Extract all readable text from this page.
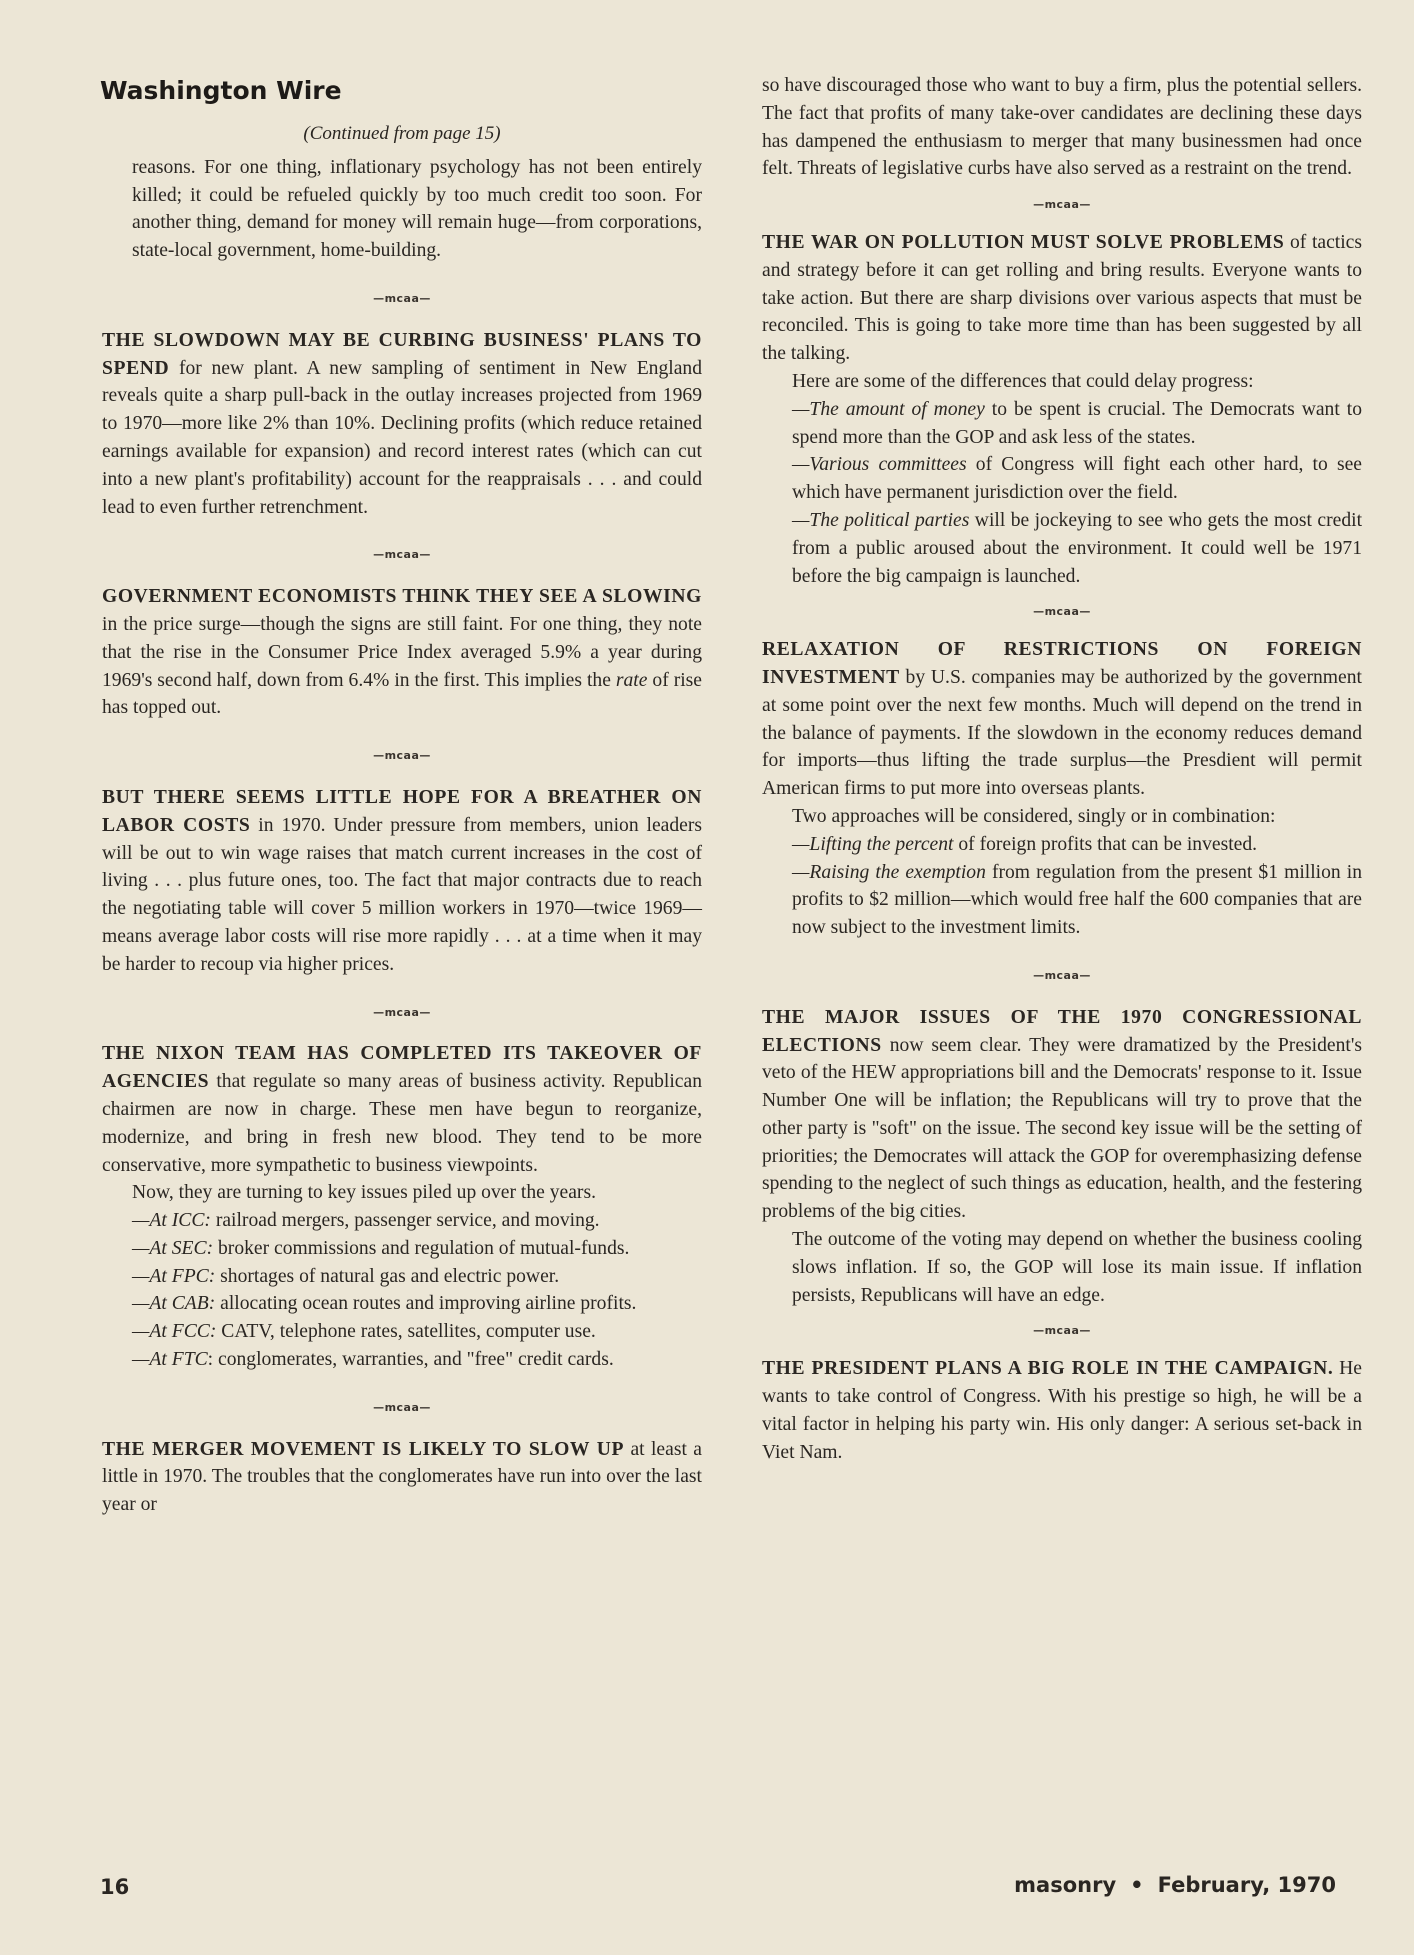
Washington Wire

(Continued from page 15)

reasons. For one thing, inflationary psychology has not been entirely killed; it could be refueled quickly by too much credit too soon. For another thing, demand for money will remain huge—from corporations, state-local government, home-building.

—mcaa—

THE SLOWDOWN MAY BE CURBING BUSINESS' PLANS TO SPEND for new plant. A new sampling of sentiment in New England reveals quite a sharp pull-back in the outlay increases projected from 1969 to 1970—more like 2% than 10%. Declining profits (which reduce retained earnings available for expansion) and record interest rates (which can cut into a new plant's profitability) account for the reappraisals . . . and could lead to even further retrenchment.

—mcaa—

GOVERNMENT ECONOMISTS THINK THEY SEE A SLOWING in the price surge—though the signs are still faint. For one thing, they note that the rise in the Consumer Price Index averaged 5.9% a year during 1969's second half, down from 6.4% in the first. This implies the rate of rise has topped out.

—mcaa—

BUT THERE SEEMS LITTLE HOPE FOR A BREATHER ON LABOR COSTS in 1970. Under pressure from members, union leaders will be out to win wage raises that match current increases in the cost of living . . . plus future ones, too. The fact that major contracts due to reach the negotiating table will cover 5 million workers in 1970—twice 1969—means average labor costs will rise more rapidly . . . at a time when it may be harder to recoup via higher prices.

—mcaa—

THE NIXON TEAM HAS COMPLETED ITS TAKEOVER OF AGENCIES that regulate so many areas of business activity. Republican chairmen are now in charge. These men have begun to reorganize, modernize, and bring in fresh new blood. They tend to be more conservative, more sympathetic to business viewpoints.

Now, they are turning to key issues piled up over the years.

—At ICC: railroad mergers, passenger service, and moving.

—At SEC: broker commissions and regulation of mutual-funds.

—At FPC: shortages of natural gas and electric power.

—At CAB: allocating ocean routes and improving airline profits.

—At FCC: CATV, telephone rates, satellites, computer use.

—At FTC: conglomerates, warranties, and "free" credit cards.

—mcaa—

THE MERGER MOVEMENT IS LIKELY TO SLOW UP at least a little in 1970. The troubles that the conglomerates have run into over the last year or

so have discouraged those who want to buy a firm, plus the potential sellers. The fact that profits of many take-over candidates are declining these days has dampened the enthusiasm to merger that many businessmen had once felt. Threats of legislative curbs have also served as a restraint on the trend.

—mcaa—

THE WAR ON POLLUTION MUST SOLVE PROBLEMS of tactics and strategy before it can get rolling and bring results. Everyone wants to take action. But there are sharp divisions over various aspects that must be reconciled. This is going to take more time than has been suggested by all the talking.

Here are some of the differences that could delay progress:

—The amount of money to be spent is crucial. The Democrats want to spend more than the GOP and ask less of the states.

—Various committees of Congress will fight each other hard, to see which have permanent jurisdiction over the field.

—The political parties will be jockeying to see who gets the most credit from a public aroused about the environment. It could well be 1971 before the big campaign is launched.

—mcaa—

RELAXATION OF RESTRICTIONS ON FOREIGN INVESTMENT by U.S. companies may be authorized by the government at some point over the next few months. Much will depend on the trend in the balance of payments. If the slowdown in the economy reduces demand for imports—thus lifting the trade surplus—the Presdient will permit American firms to put more into overseas plants.

Two approaches will be considered, singly or in combination:

—Lifting the percent of foreign profits that can be invested.

—Raising the exemption from regulation from the present $1 million in profits to $2 million—which would free half the 600 companies that are now subject to the investment limits.

—mcaa—

THE MAJOR ISSUES OF THE 1970 CONGRESSIONAL ELECTIONS now seem clear. They were dramatized by the President's veto of the HEW appropriations bill and the Democrats' response to it. Issue Number One will be inflation; the Republicans will try to prove that the other party is "soft" on the issue. The second key issue will be the setting of priorities; the Democrates will attack the GOP for overemphasizing defense spending to the neglect of such things as education, health, and the festering problems of the big cities.

The outcome of the voting may depend on whether the business cooling slows inflation. If so, the GOP will lose its main issue. If inflation persists, Republicans will have an edge.

—mcaa—

THE PRESIDENT PLANS A BIG ROLE IN THE CAMPAIGN. He wants to take control of Congress. With his prestige so high, he will be a vital factor in helping his party win. His only danger: A serious set-back in Viet Nam.

16	masonry • February, 1970
